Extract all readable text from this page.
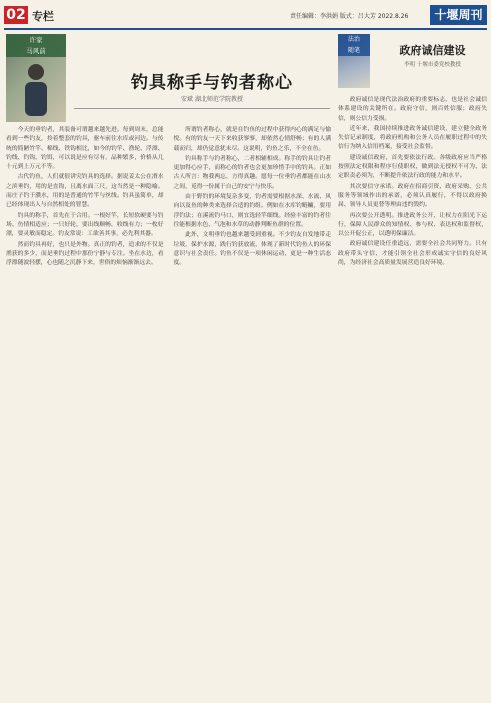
02 专栏	责任编辑：李洪娟 版式：吕大芳 2022.8.26	十堰周刊
许家
马风前
钓具称手与钓者称心
安斌 湖北师范学院教授

今天的垂钓者，其装备可谓越来越先进。每到周末，总能看到一些钓友，拎着整套的钓具，驱车前往水库或河边。与传统的简陋竹竿、棉线、铁钩相比，如今的钓竿、渔轮、浮漂、钓线、钓钩、钓饵，可以说是应有尽有，品种繁多，价格从几十元到上万元不等。

古代钓鱼，人们就很讲究钓具的选择。据说姜太公在渭水之滨垂钓，用的是直钩，且离水面三尺，这当然是一种隐喻。而庄子钓于濮水，用的是普通的竹竿与丝线。钓具虽简单，却已经体现出人与自然相处的智慧。

钓具的称手，首先在于合用。一根好竿，长短软硬要与钓场、鱼情相适应；一只好轮，要出线顺畅，收线有力；一枚好漂，要灵敏而稳定。钓友常说：工欲善其事，必先利其器。

然而钓具再好，也只是外物。真正的钓者，追求的不仅是渔获的多少，而是垂钓过程中那份宁静与专注。坐在水边，看浮漂随波轻摆，心也随之沉静下来，世俗的烦恼渐渐远去。

所谓钓者称心，就是在钓鱼的过程中获得内心的满足与愉悦。有的钓友一天下来收获寥寥，却依然心情舒畅；有的人满载而归，却仍觉意犹未尽。这说明，钓鱼之乐，不全在鱼。

钓具称手与钓者称心，二者相辅相成。称手的钓具让钓者更加得心应手，而称心的钓者也会更加珍惜手中的钓具。正如古人所言：物我两忘，方得真趣。愿每一位垂钓者都能在山水之间，觅得一份属于自己的安宁与快乐。

由于野钓的环境复杂多变，钓者需要根据水深、水流、风向以及鱼的种类来选择合适的钓组。例如在水库钓鲢鳙，要用浮钓法；在溪流钓马口，则宜选轻竿细线。经验丰富的钓者往往能根据水色、气泡和水草的动静判断鱼群的位置。

此外，文明垂钓也越来越受到重视。不少钓友自发地带走垃圾，保护水源，践行钓获放流，体现了新时代钓鱼人的环保意识与社会责任。钓鱼不仅是一项休闲运动，更是一种生活态度。

法治
随笔	政府诚信建设
李明 十堰市委党校教授

政府诚信是现代法治政府的重要标志，也是社会诚信体系建设的关键所在。政府守信，则百姓信服；政府失信，则公信力受损。

近年来，我国持续推进政务诚信建设，建立健全政务失信记录制度，将政府机构和公务人员在履职过程中的失信行为纳入信用档案，接受社会监督。

建设诚信政府，首先要依法行政。各级政府应当严格按照法定权限和程序行使职权，做到法无授权不可为、法定职责必须为，不断提升依法行政的能力和水平。

其次要信守承诺。政府在招商引资、政府采购、公共服务等领域作出的承诺，必须认真履行，不得以政府换届、领导人员更替等理由违约毁约。

再次要公开透明。推进政务公开，让权力在阳光下运行，保障人民群众的知情权、参与权、表达权和监督权，以公开促公正，以透明保廉洁。

政府诚信建设任重道远，需要全社会共同努力。只有政府带头守信，才能引领全社会形成诚实守信的良好风尚，为经济社会高质量发展营造良好环境。
